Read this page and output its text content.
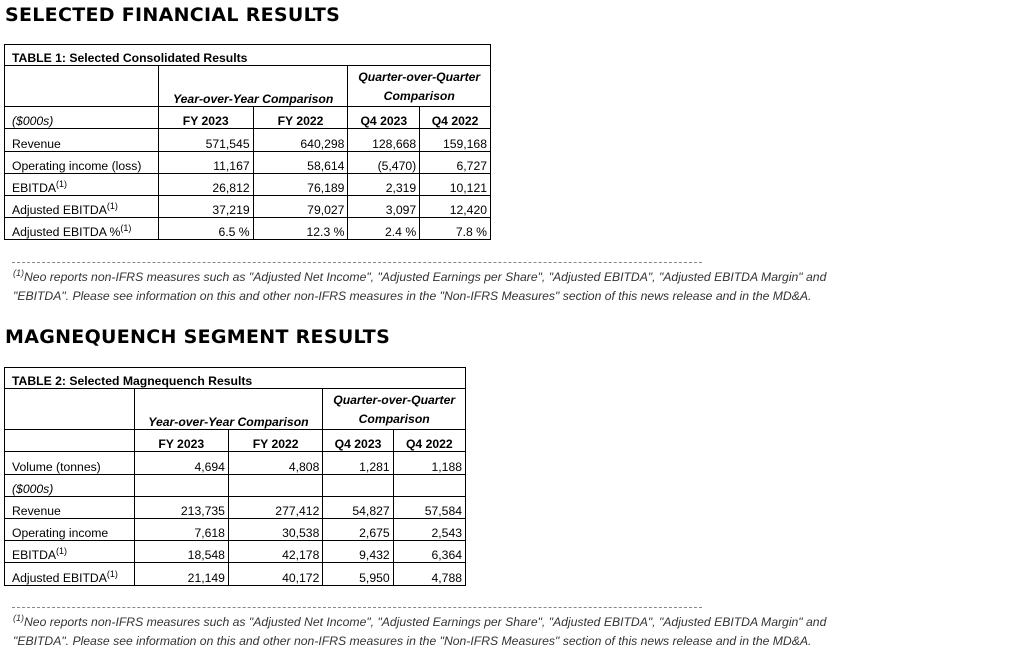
SELECTED FINANCIAL RESULTS
TABLE 1: Selected Consolidated Results				
	Year-over-Year Comparison		Quarter-over-Quarter Comparison	
($000s)	FY 2023	FY 2022	Q4 2023	Q4 2022
Revenue	571,545	640,298	128,668	159,168
Operating income (loss)	11,167	58,614	(5,470)	6,727
EBITDA$^{(1)}$	26,812	76,189	2,319	10,121
Adjusted EBITDA$^{(1)}$	37,219	79,027	3,097	12,420
Adjusted EBITDA %$^{(1)}$	6.5 %	12.3 %	2.4 %	7.8 %
$^{(1)}$Neo reports non-IFRS measures such as "Adjusted Net Income", "Adjusted Earnings per Share", "Adjusted EBITDA", "Adjusted EBITDA Margin" and
"EBITDA". Please see information on this and other non-IFRS measures in the "Non-IFRS Measures" section of this news release and in the MD&A.
MAGNEQUENCH SEGMENT RESULTS
TABLE 2: Selected Magnequench Results				
	Year-over-Year Comparison		Quarter-over-Quarter Comparison	
	FY 2023	FY 2022	Q4 2023	Q4 2022
Volume (tonnes)	4,694	4,808	1,281	1,188
($000s)				
Revenue	213,735	277,412	54,827	57,584
Operating income	7,618	30,538	2,675	2,543
EBITDA$^{(1)}$	18,548	42,178	9,432	6,364
Adjusted EBITDA$^{(1)}$	21,149	40,172	5,950	4,788
$^{(1)}$Neo reports non-IFRS measures such as "Adjusted Net Income", "Adjusted Earnings per Share", "Adjusted EBITDA", "Adjusted EBITDA Margin" and
"EBITDA". Please see information on this and other non-IFRS measures in the "Non-IFRS Measures" section of this news release and in the MD&A.
